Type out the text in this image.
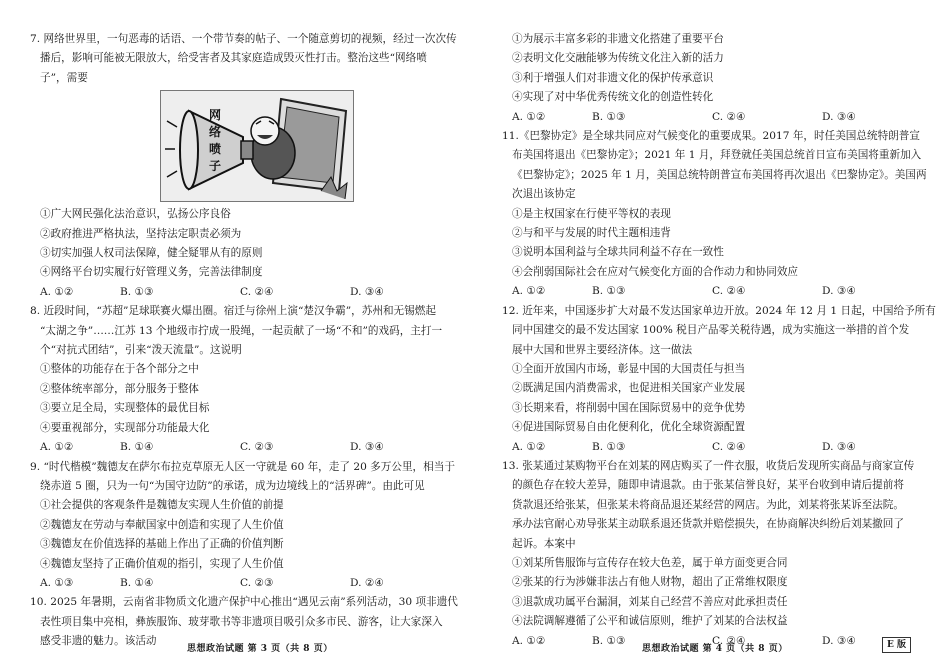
7. 网络世界里，一句恶毒的话语、一个带节奏的帖子、一个随意剪切的视频，经过一次次传
播后，影响可能被无限放大，给受害者及其家庭造成毁灭性打击。整治这些“网络喷
子”，需要
网
络
喷
子
①广大网民强化法治意识，弘扬公序良俗
②政府推进严格执法，坚持法定职责必须为
③切实加强人权司法保障，健全疑罪从有的原则
④网络平台切实履行好管理义务，完善法律制度
A. ①②	B. ①③	C. ②④	D. ③④
8. 近段时间，“苏超”足球联赛火爆出圈。宿迁与徐州上演“楚汉争霸”，苏州和无锡燃起
“太湖之争”……江苏 13 个地级市拧成一股绳，一起贡献了一场“不和”的戏码，主打一
个“对抗式团结”，引来“泼天流量”。这说明
①整体的功能存在于各个部分之中
②整体统率部分，部分服务于整体
③要立足全局，实现整体的最优目标
④要重视部分，实现部分功能最大化
A. ①②	B. ①④	C. ②③	D. ③④
9. “时代楷模”魏德友在萨尔布拉克草原无人区一守就是 60 年，走了 20 多万公里，相当于
绕赤道 5 圈，只为一句“为国守边防”的承诺，成为边境线上的“活界碑”。由此可见
①社会提供的客观条件是魏德友实现人生价值的前提
②魏德友在劳动与奉献国家中创造和实现了人生价值
③魏德友在价值选择的基础上作出了正确的价值判断
④魏德友坚持了正确价值观的指引，实现了人生价值
A. ①③	B. ①④	C. ②③	D. ②④
10. 2025 年暑期，云南省非物质文化遗产保护中心推出“遇见云南”系列活动，30 项非遗代
表性项目集中亮相，彝族服饰、玻芽歌书等非遗项目吸引众多市民、游客，让大家深入
感受非遗的魅力。该活动
①为展示丰富多彩的非遗文化搭建了重要平台
②表明文化交融能够为传统文化注入新的活力
③利于增强人们对非遗文化的保护传承意识
④实现了对中华优秀传统文化的创造性转化
A. ①②	B. ①③	C. ②④	D. ③④
11.《巴黎协定》是全球共同应对气候变化的重要成果。2017 年，时任美国总统特朗普宣
布美国将退出《巴黎协定》；2021 年 1 月，拜登就任美国总统首日宣布美国将重新加入
《巴黎协定》；2025 年 1 月，美国总统特朗普宣布美国将再次退出《巴黎协定》。美国两
次退出该协定
①是主权国家在行使平等权的表现
②与和平与发展的时代主题相违背
③说明本国利益与全球共同利益不存在一致性
④会削弱国际社会在应对气候变化方面的合作动力和协同效应
A. ①②	B. ①③	C. ②④	D. ③④
12. 近年来，中国逐步扩大对最不发达国家单边开放。2024 年 12 月 1 日起，中国给予所有
同中国建交的最不发达国家 100% 税目产品零关税待遇，成为实施这一举措的首个发
展中大国和世界主要经济体。这一做法
①全面开放国内市场，彰显中国的大国责任与担当
②既满足国内消费需求，也促进相关国家产业发展
③长期来看，将削弱中国在国际贸易中的竞争优势
④促进国际贸易自由化便利化，优化全球资源配置
A. ①②	B. ①③	C. ②④	D. ③④
13. 张某通过某购物平台在刘某的网店购买了一件衣服，收货后发现所实商品与商家宣传
的颜色存在较大差异，随即申请退款。由于张某信誉良好，某平台收到申请后提前将
货款退还给张某，但张某未将商品退还某经营的网店。为此，刘某将张某诉至法院。
承办法官耐心劝导张某主动联系退还货款并赔偿损失，在协商解决纠纷后刘某撤回了
起诉。本案中
①刘某所售服饰与宣传存在较大色差，属于单方面变更合同
②张某的行为涉嫌非法占有他人财物，超出了正常维权限度
③退款成功属平台漏洞，刘某自己经营不善应对此承担责任
④法院调解遵循了公平和诚信原则，维护了刘某的合法权益
A. ①②	B. ①③	C. ②④	D. ③④
思想政治试题 第 3 页（共 8 页）	思想政治试题 第 4 页（共 8 页）	E 版
